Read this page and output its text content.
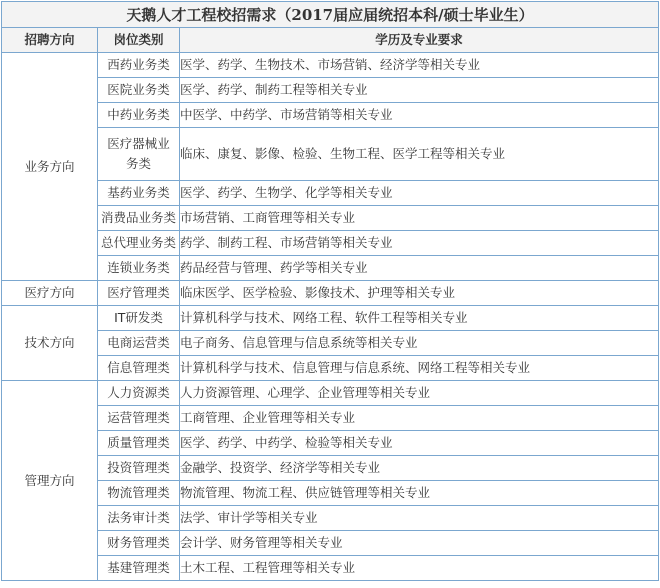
天鹅人才工程校招需求（2017届应届统招本科/硕士毕业生）		
招聘方向	岗位类别	学历及专业要求
业务方向	西药业务类	医学、药学、生物技术、市场营销、经济学等相关专业
	医院业务类	医学、药学、制药工程等相关专业
	中药业务类	中医学、中药学、市场营销等相关专业
	医疗器械业务类	临床、康复、影像、检验、生物工程、医学工程等相关专业
	基药业务类	医学、药学、生物学、化学等相关专业
	消费品业务类	市场营销、工商管理等相关专业
	总代理业务类	药学、制药工程、市场营销等相关专业
	连锁业务类	药品经营与管理、药学等相关专业
医疗方向	医疗管理类	临床医学、医学检验、影像技术、护理等相关专业
技术方向	IT研发类	计算机科学与技术、网络工程、软件工程等相关专业
	电商运营类	电子商务、信息管理与信息系统等相关专业
	信息管理类	计算机科学与技术、信息管理与信息系统、网络工程等相关专业
管理方向	人力资源类	人力资源管理、心理学、企业管理等相关专业
	运营管理类	工商管理、企业管理等相关专业
	质量管理类	医学、药学、中药学、检验等相关专业
	投资管理类	金融学、投资学、经济学等相关专业
	物流管理类	物流管理、物流工程、供应链管理等相关专业
	法务审计类	法学、审计学等相关专业
	财务管理类	会计学、财务管理等相关专业
	基建管理类	土木工程、工程管理等相关专业
